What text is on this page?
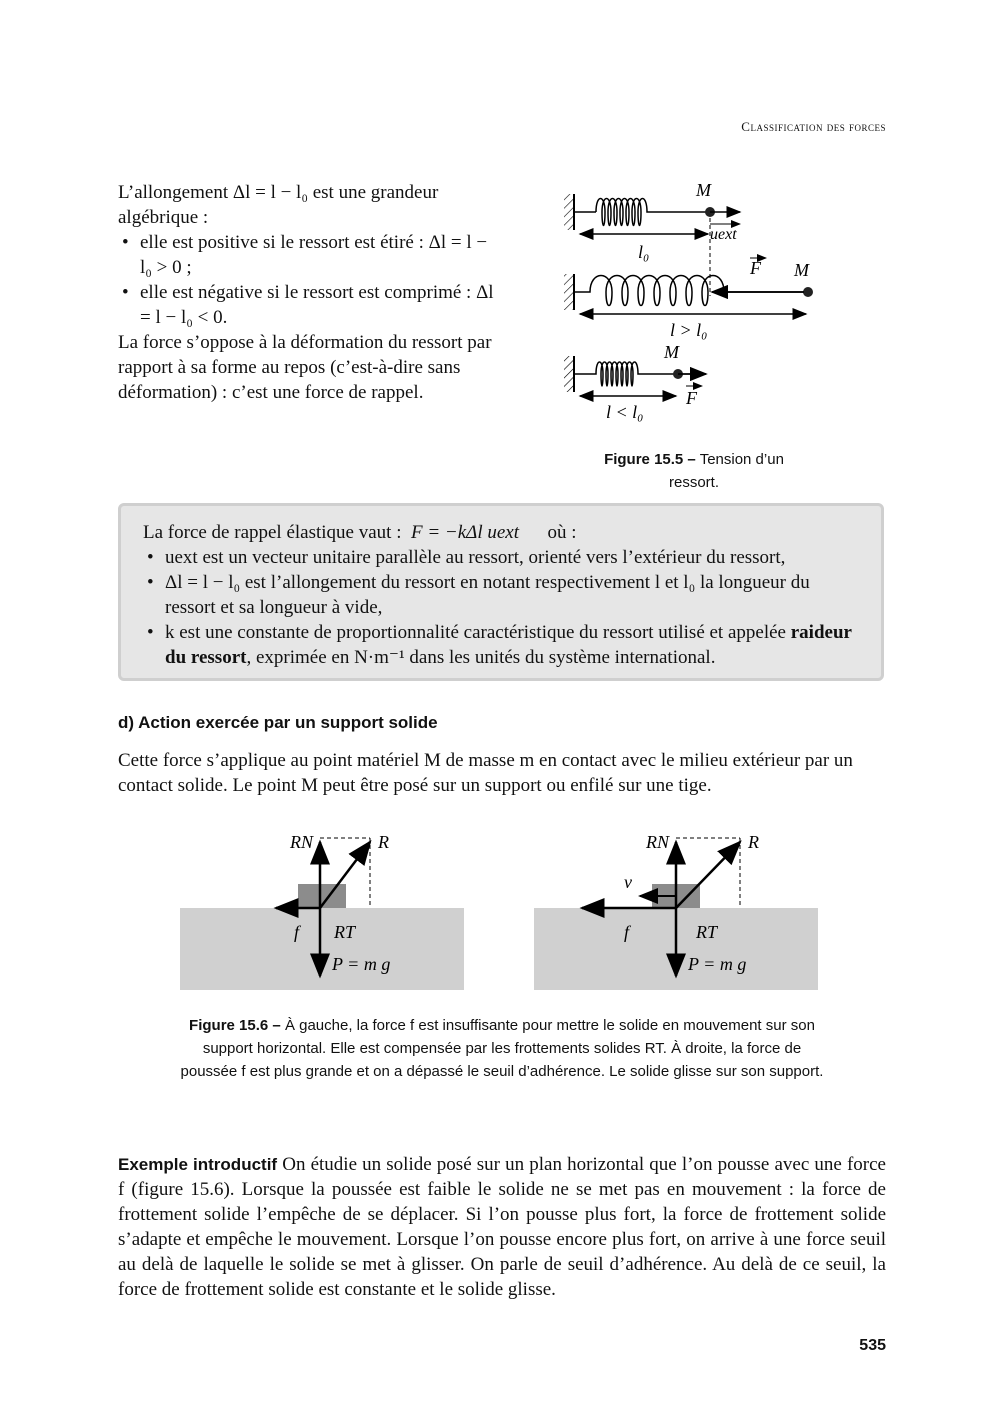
Classification des forces
L’allongement Δl = l − l₀ est une grandeur algébrique :
• elle est positive si le ressort est étiré : Δl = l − l₀ > 0 ;
• elle est négative si le ressort est comprimé : Δl = l − l₀ < 0.
La force s’oppose à la déformation du ressort par rapport à sa forme au repos (c’est-à-dire sans déformation) : c’est une force de rappel.
M
l₀
uext
F M
l > l₀
M
F
l < l₀
Figure 15.5 – Tension d’un ressort.
La force de rappel élastique vaut : F = −kΔl uext où :
• uext est un vecteur unitaire parallèle au ressort, orienté vers l’extérieur du ressort,
• Δl = l − l₀ est l’allongement du ressort en notant respectivement l et l₀ la longueur du ressort et sa longueur à vide,
• k est une constante de proportionnalité caractéristique du ressort utilisé et appelée raideur du ressort, exprimée en N·m⁻¹ dans les unités du système international.
d) Action exercée par un support solide
Cette force s’applique au point matériel M de masse m en contact avec le milieu extérieur par un contact solide. Le point M peut être posé sur un support ou enfilé sur une tige.
RN	R
f RT
P = m g
RN	R
v
f	RT
P = m g
Figure 15.6 – À gauche, la force f est insuffisante pour mettre le solide en mouvement sur son support horizontal. Elle est compensée par les frottements solides RT. À droite, la force de poussée f est plus grande et on a dépassé le seuil d’adhérence. Le solide glisse sur son support.
Exemple introductif On étudie un solide posé sur un plan horizontal que l’on pousse avec une force f (figure 15.6). Lorsque la poussée est faible le solide ne se met pas en mouvement : la force de frottement solide l’empêche de se déplacer. Si l’on pousse plus fort, la force de frottement solide s’adapte et empêche le mouvement. Lorsque l’on pousse encore plus fort, on arrive à une force seuil au delà de laquelle le solide se met à glisser. On parle de seuil d’adhérence. Au delà de ce seuil, la force de frottement solide est constante et le solide glisse.
535
